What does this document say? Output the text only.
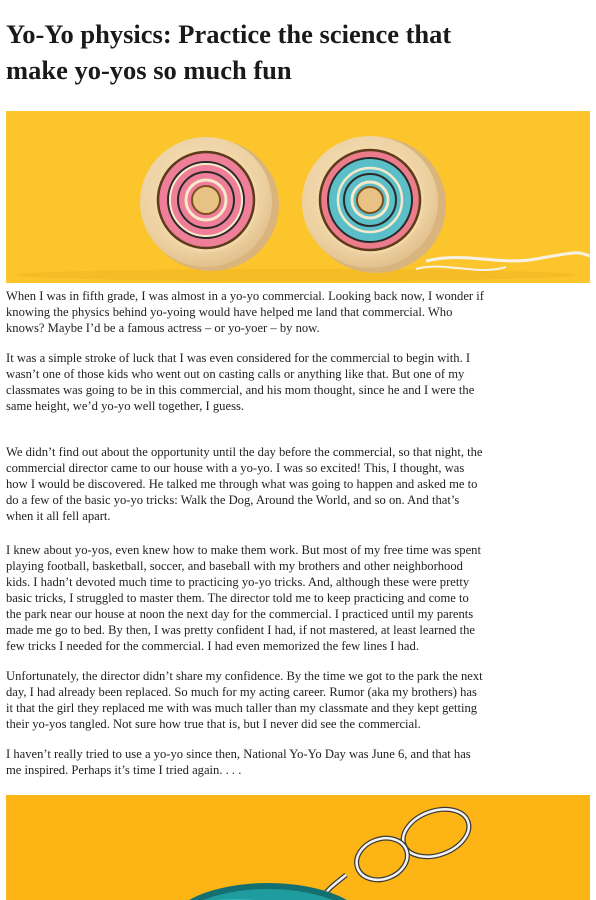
Yo-Yo physics: Practice the science that
make yo-yos so much fun

When I was in fifth grade, I was almost in a yo-yo commercial. Looking back now, I wonder if
knowing the physics behind yo-yoing would have helped me land that commercial. Who
knows? Maybe I’d be a famous actress – or yo-yoer – by now.

It was a simple stroke of luck that I was even considered for the commercial to begin with. I
wasn’t one of those kids who went out on casting calls or anything like that. But one of my
classmates was going to be in this commercial, and his mom thought, since he and I were the
same height, we’d yo-yo well together, I guess.

We didn’t find out about the opportunity until the day before the commercial, so that night, the
commercial director came to our house with a yo-yo. I was so excited! This, I thought, was
how I would be discovered. He talked me through what was going to happen and asked me to
do a few of the basic yo-yo tricks: Walk the Dog, Around the World, and so on. And that’s
when it all fell apart.

I knew about yo-yos, even knew how to make them work. But most of my free time was spent
playing football, basketball, soccer, and baseball with my brothers and other neighborhood
kids. I hadn’t devoted much time to practicing yo-yo tricks. And, although these were pretty
basic tricks, I struggled to master them. The director told me to keep practicing and come to
the park near our house at noon the next day for the commercial. I practiced until my parents
made me go to bed. By then, I was pretty confident I had, if not mastered, at least learned the
few tricks I needed for the commercial. I had even memorized the few lines I had.

Unfortunately, the director didn’t share my confidence. By the time we got to the park the next
day, I had already been replaced. So much for my acting career. Rumor (aka my brothers) has
it that the girl they replaced me with was much taller than my classmate and they kept getting
their yo-yos tangled. Not sure how true that is, but I never did see the commercial.

I haven’t really tried to use a yo-yo since then, National Yo-Yo Day was June 6, and that has
me inspired. Perhaps it’s time I tried again. . . .
